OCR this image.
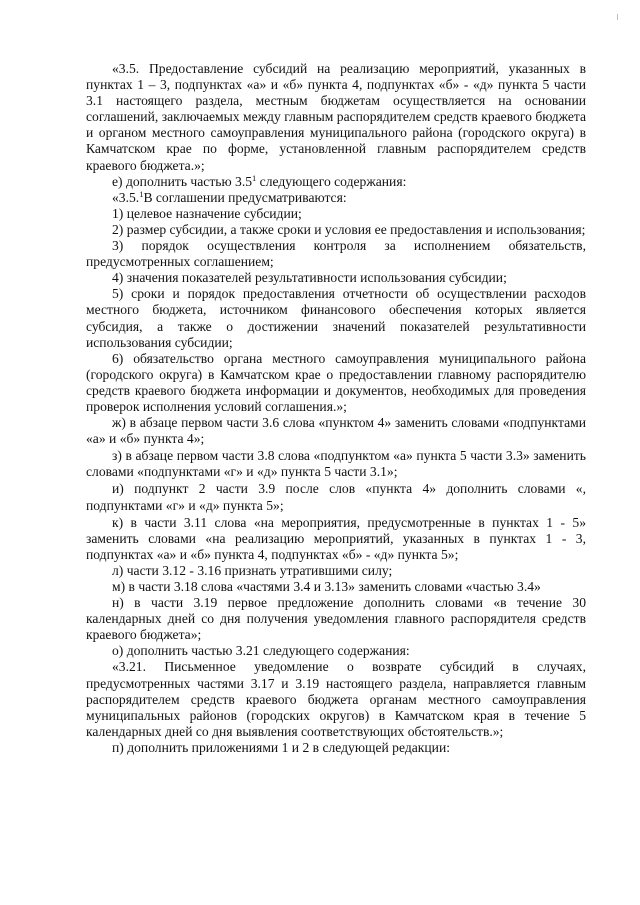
«3.5. Предоставление субсидий на реализацию мероприятий, указанных в пунктах 1 – 3, подпунктах «а» и «б» пункта 4, подпунктах «б» - «д» пункта 5 части 3.1 настоящего раздела, местным бюджетам осуществляется на основании соглашений, заключаемых между главным распорядителем средств краевого бюджета и органом местного самоуправления муниципального района (городского округа) в Камчатском крае по форме, установленной главным распорядителем средств краевого бюджета.»;

е) дополнить частью $3.5^1$ следующего содержания:

«3.5.$^1$В соглашении предусматриваются:

1) целевое назначение субсидии;

2) размер субсидии, а также сроки и условия ее предоставления и использования;

3) порядок осуществления контроля за исполнением обязательств, предусмотренных соглашением;

4) значения показателей результативности использования субсидии;

5) сроки и порядок предоставления отчетности об осуществлении расходов местного бюджета, источником финансового обеспечения которых является субсидия, а также о достижении значений показателей результативности использования субсидии;

6) обязательство органа местного самоуправления муниципального района (городского округа) в Камчатском крае о предоставлении главному распорядителю средств краевого бюджета информации и документов, необходимых для проведения проверок исполнения условий соглашения.»;

ж) в абзаце первом части 3.6 слова «пунктом 4» заменить словами «подпунктами «а» и «б» пункта 4»;

з) в абзаце первом части 3.8 слова «подпунктом «а» пункта 5 части 3.3» заменить словами «подпунктами «г» и «д» пункта 5 части 3.1»;

и) подпункт 2 части 3.9 после слов «пункта 4» дополнить словами «, подпунктами «г» и «д» пункта 5»;

к) в части 3.11 слова «на мероприятия, предусмотренные в пунктах 1 - 5» заменить словами «на реализацию мероприятий, указанных в пунктах 1 - 3, подпунктах «а» и «б» пункта 4, подпунктах «б» - «д» пункта 5»;

л) части 3.12 - 3.16 признать утратившими силу;

м) в части 3.18 слова «частями 3.4 и 3.13» заменить словами «частью 3.4»

н) в части 3.19 первое предложение дополнить словами «в течение 30 календарных дней со дня получения уведомления главного распорядителя средств краевого бюджета»;

о) дополнить частью 3.21 следующего содержания:

«3.21. Письменное уведомление о возврате субсидий в случаях, предусмотренных частями 3.17 и 3.19 настоящего раздела, направляется главным распорядителем средств краевого бюджета органам местного самоуправления муниципальных районов (городских округов) в Камчатском края в течение 5 календарных дней со дня выявления соответствующих обстоятельств.»;

п) дополнить приложениями 1 и 2 в следующей редакции:
